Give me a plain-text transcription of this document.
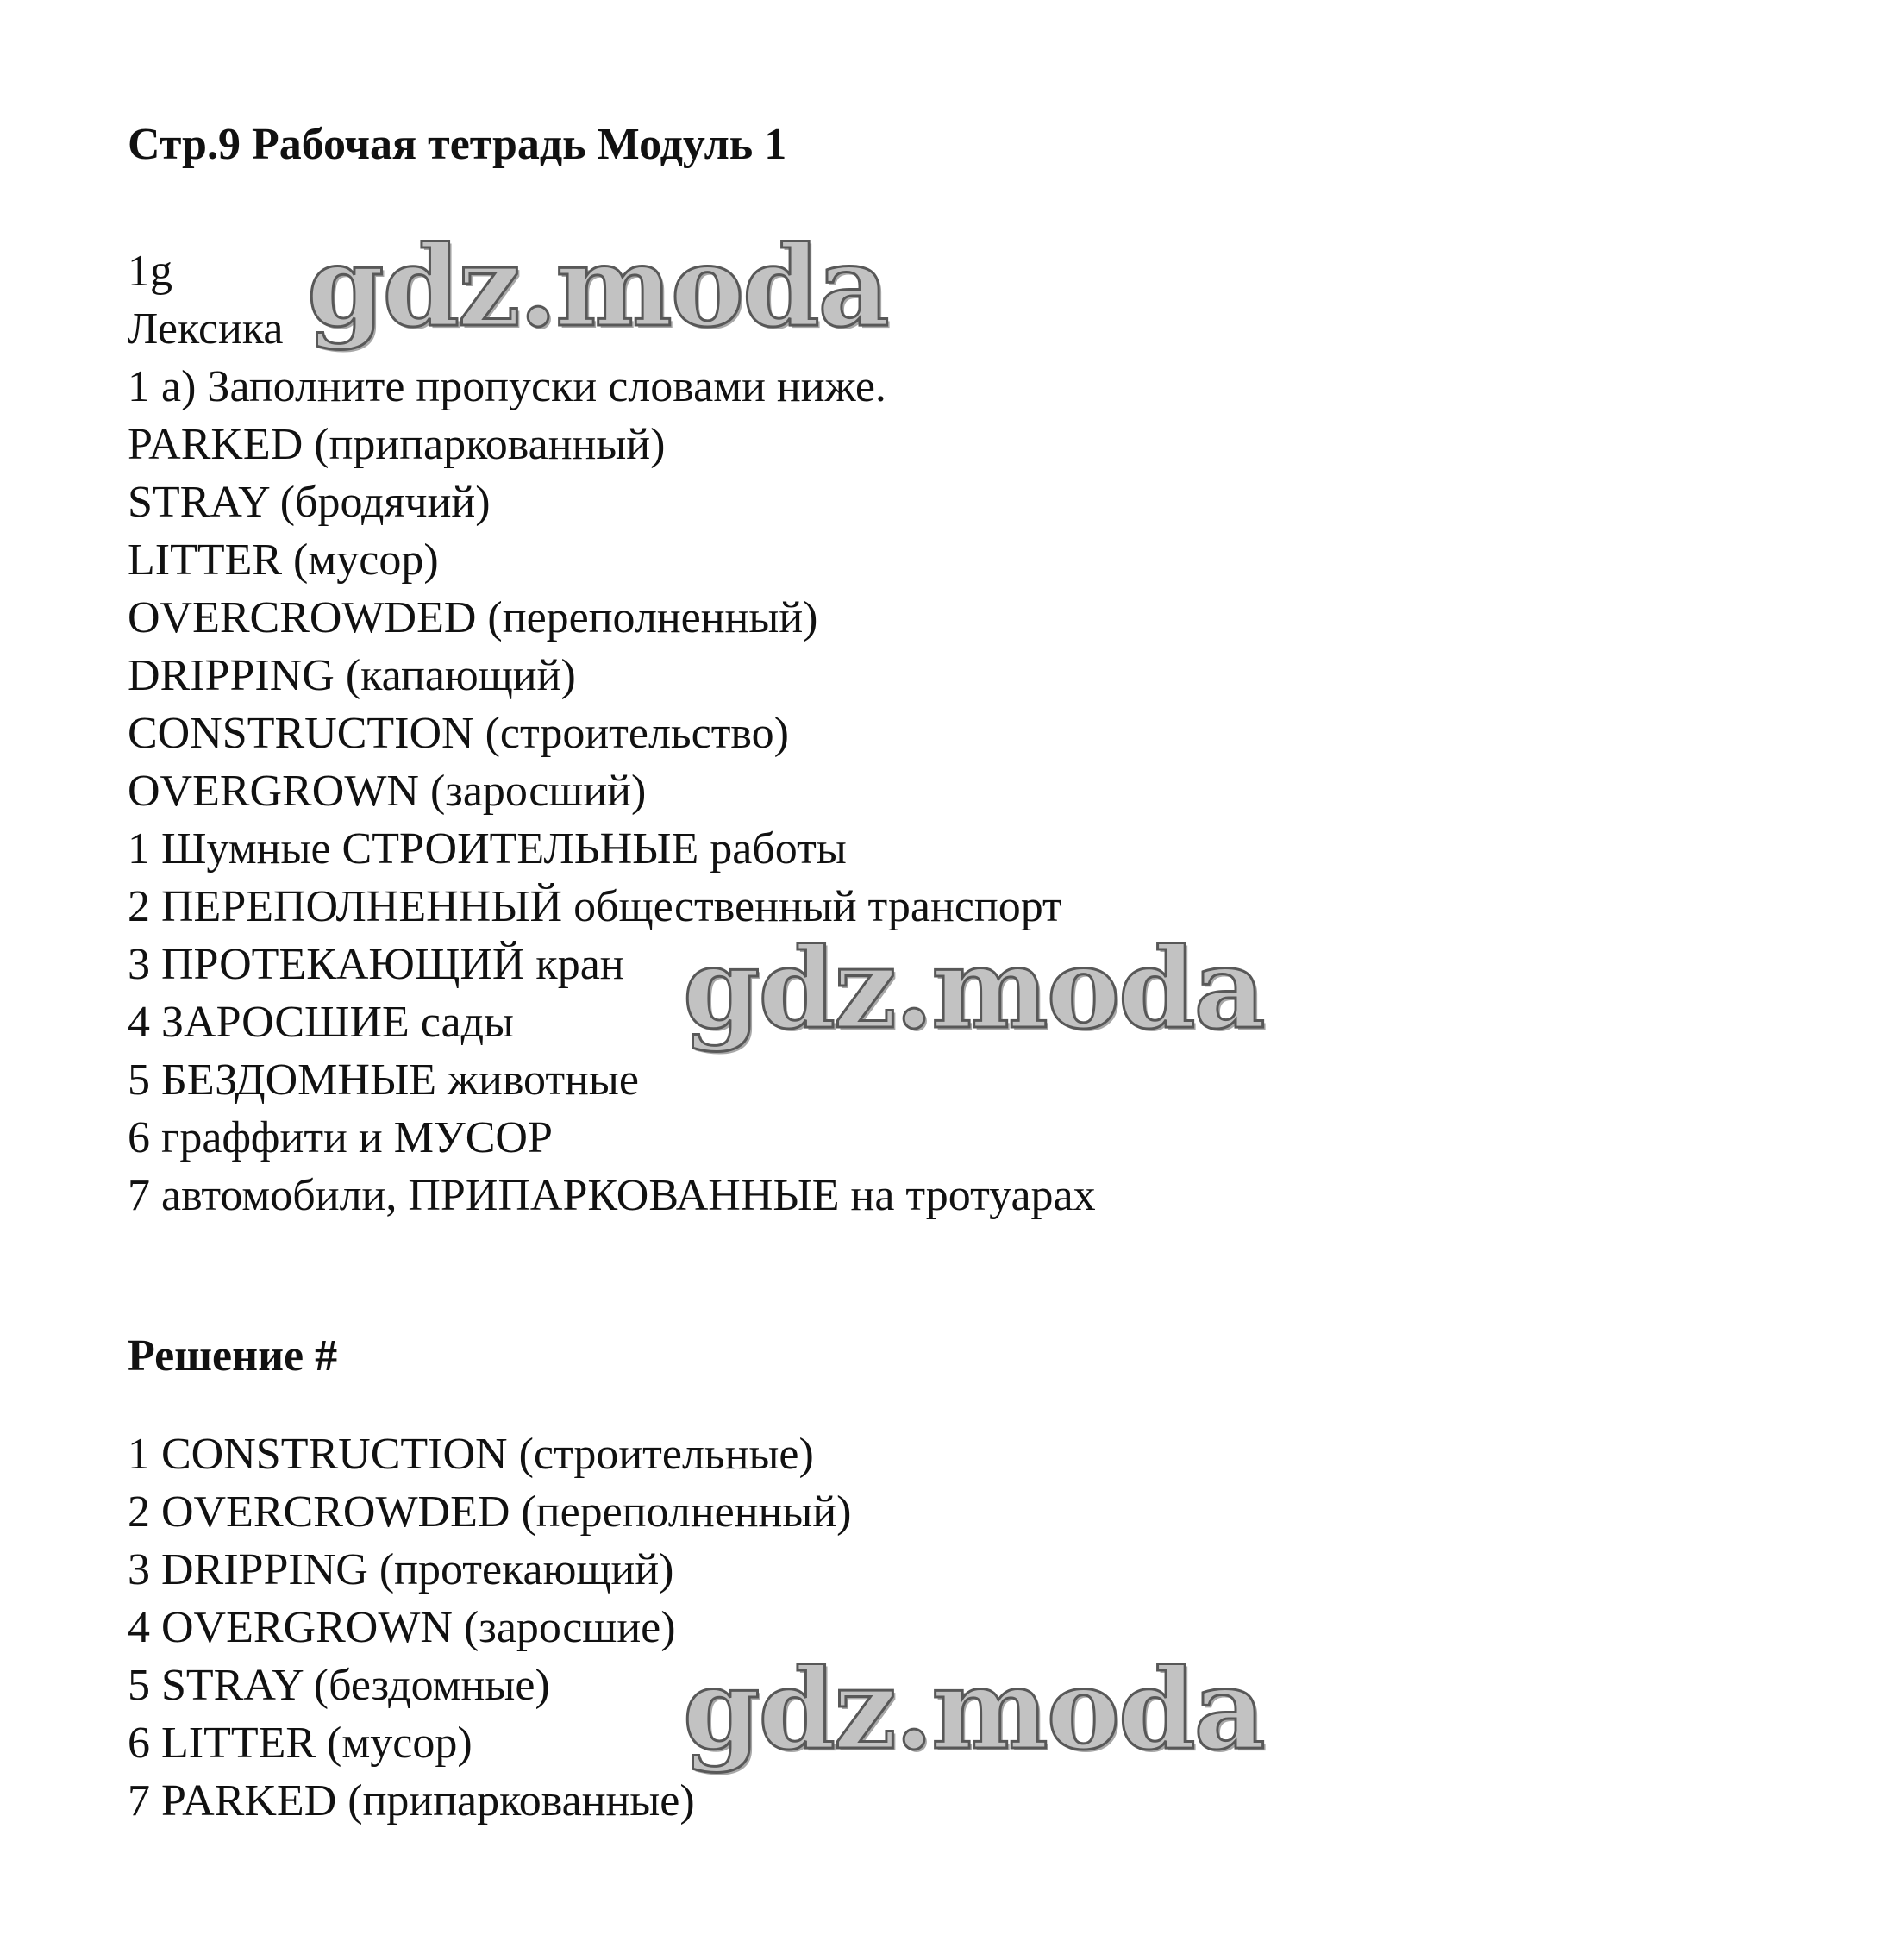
Стр.9 Рабочая тетрадь Модуль 1
1g
Лексика
1 a) Заполните пропуски словами ниже.
PARKED (припаркованный)
STRAY (бродячий)
LITTER (мусор)
OVERCROWDED (переполненный)
DRIPPING (капающий)
CONSTRUCTION (строительство)
OVERGROWN (заросший)
1 Шумные СТРОИТЕЛЬНЫЕ работы
2 ПЕРЕПОЛНЕННЫЙ общественный транспорт
3 ПРОТЕКАЮЩИЙ кран
4 ЗАРОСШИЕ сады
5 БЕЗДОМНЫЕ животные
6 граффити и МУСОР
7 автомобили, ПРИПАРКОВАННЫЕ на тротуарах
Решение #
1 CONSTRUCTION (строительные)
2 OVERCROWDED (переполненный)
3 DRIPPING (протекающий)
4 OVERGROWN (заросшие)
5 STRAY (бездомные)
6 LITTER (мусор)
7 PARKED (припаркованные)
gdz.moda
gdz.moda
gdz.moda
